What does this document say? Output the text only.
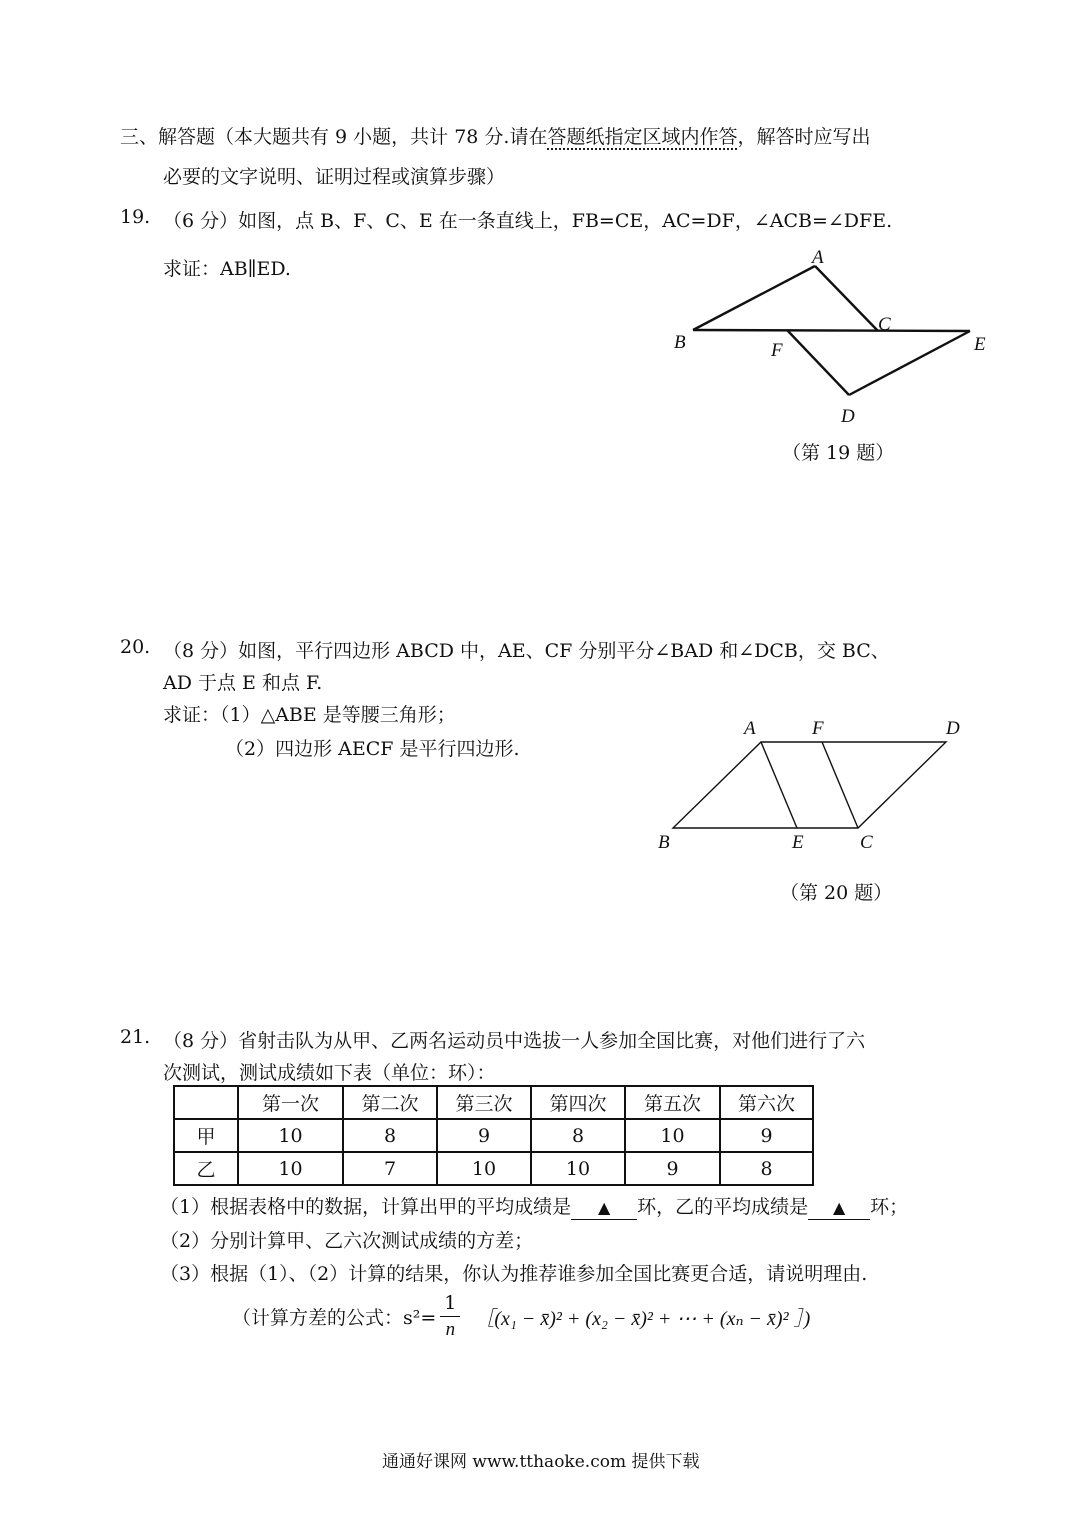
三、解答题（本大题共有 9 小题，共计 78 分.请在答题纸指定区域内作答，解答时应写出
必要的文字说明、证明过程或演算步骤）
19. （6 分）如图，点 B、F、C、E 在一条直线上，FB=CE，AC=DF，∠ACB=∠DFE.
求证：AB∥ED.
A
B
C
F	E
D
（第 19 题）
20. （8 分）如图，平行四边形 ABCD 中，AE、CF 分别平分∠BAD 和∠DCB，交 BC、
AD 于点 E 和点 F.
求证：（1）△ABE 是等腰三角形；
（2）四边形 AECF 是平行四边形.
A	F	D
B	E	C
（第 20 题）
21. （8 分）省射击队为从甲、乙两名运动员中选拔一人参加全国比赛，对他们进行了六
次测试，测试成绩如下表（单位：环）：
	第一次	第二次	第三次	第四次	第五次	第六次
甲	10	8	9	8	10	9
乙	10	7	10	10	9	8
（1）根据表格中的数据，计算出甲的平均成绩是 ▲ 环，乙的平均成绩是 ▲ 环；
（2）分别计算甲、乙六次测试成绩的方差；
（3）根据（1）、（2）计算的结果，你认为推荐谁参加全国比赛更合适，请说明理由.
（计算方差的公式：$s^2= \frac{1}{n}$ ［(x₁ − x̄)² + (x₂ − x̄)² + ⋯ + (xₙ − x̄)² ］)
通通好课网 www.tthaoke.com 提供下载
